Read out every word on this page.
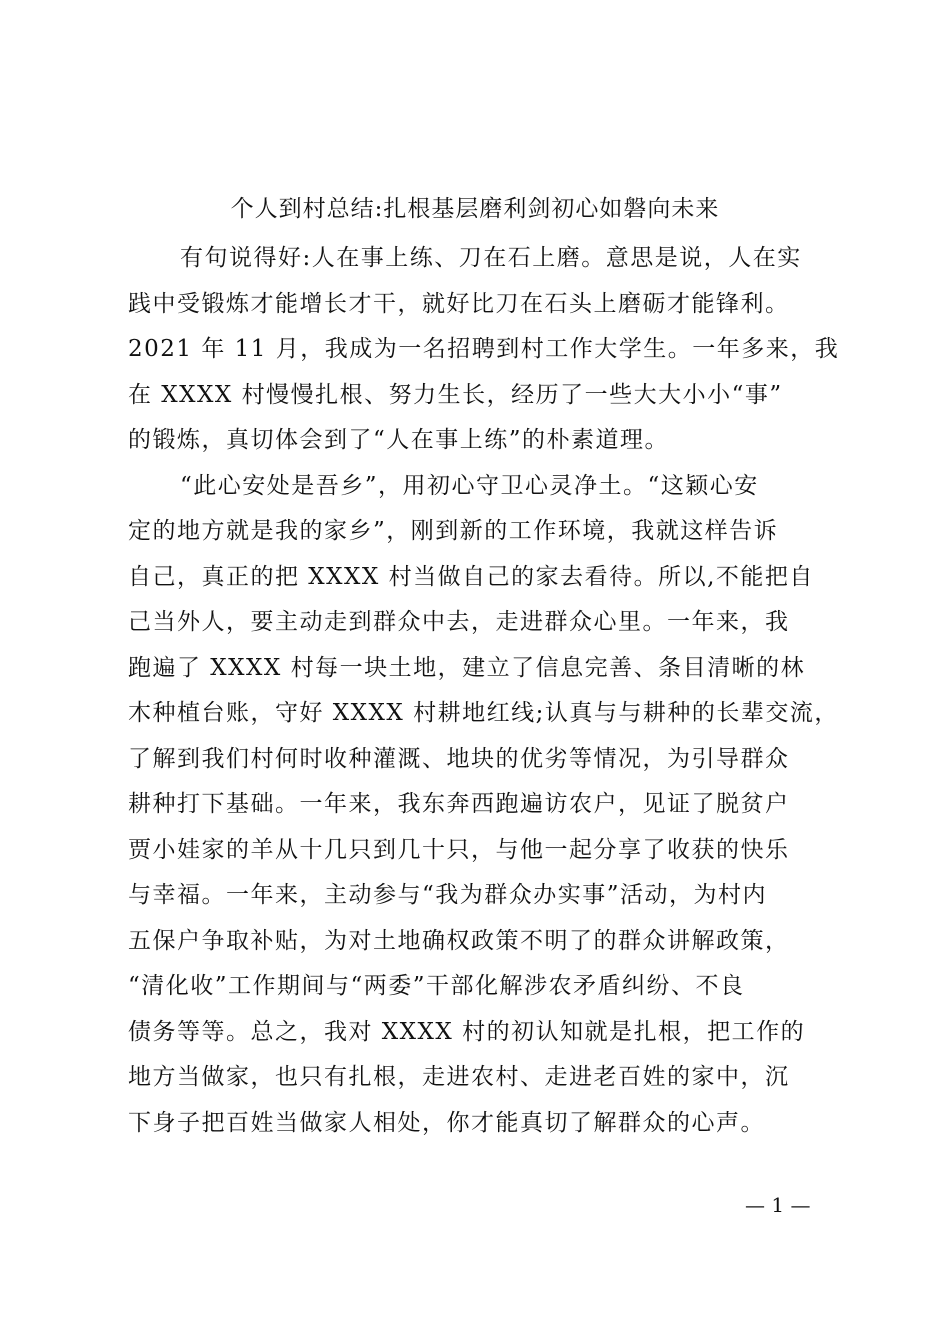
个人到村总结:扎根基层磨利剑初心如磐向未来
有句说得好:人在事上练、刀在石上磨。意思是说，人在实
践中受锻炼才能增长才干，就好比刀在石头上磨砺才能锋利。
2021 年 11 月，我成为一名招聘到村工作大学生。一年多来，我
在 XXXX 村慢慢扎根、努力生长，经历了一些大大小小“事”
的锻炼，真切体会到了“人在事上练”的朴素道理。
“此心安处是吾乡”，用初心守卫心灵净土。“这颖心安
定的地方就是我的家乡”，刚到新的工作环境，我就这样告诉
自己，真正的把 XXXX 村当做自己的家去看待。所以,不能把自
己当外人，要主动走到群众中去，走进群众心里。一年来，我
跑遍了 XXXX 村每一块土地，建立了信息完善、条目清晰的林
木种植台账，守好 XXXX 村耕地红线;认真与与耕种的长辈交流，
了解到我们村何时收种灌溉、地块的优劣等情况，为引导群众
耕种打下基础。一年来，我东奔西跑遍访农户，见证了脱贫户
贾小娃家的羊从十几只到几十只，与他一起分享了收获的快乐
与幸福。一年来，主动参与“我为群众办实事”活动，为村内
五保户争取补贴，为对土地确权政策不明了的群众讲解政策，
“清化收”工作期间与“两委”干部化解涉农矛盾纠纷、不良
债务等等。总之，我对 XXXX 村的初认知就是扎根，把工作的
地方当做家，也只有扎根，走进农村、走进老百姓的家中，沉
下身子把百姓当做家人相处，你才能真切了解群众的心声。
— 1 —
